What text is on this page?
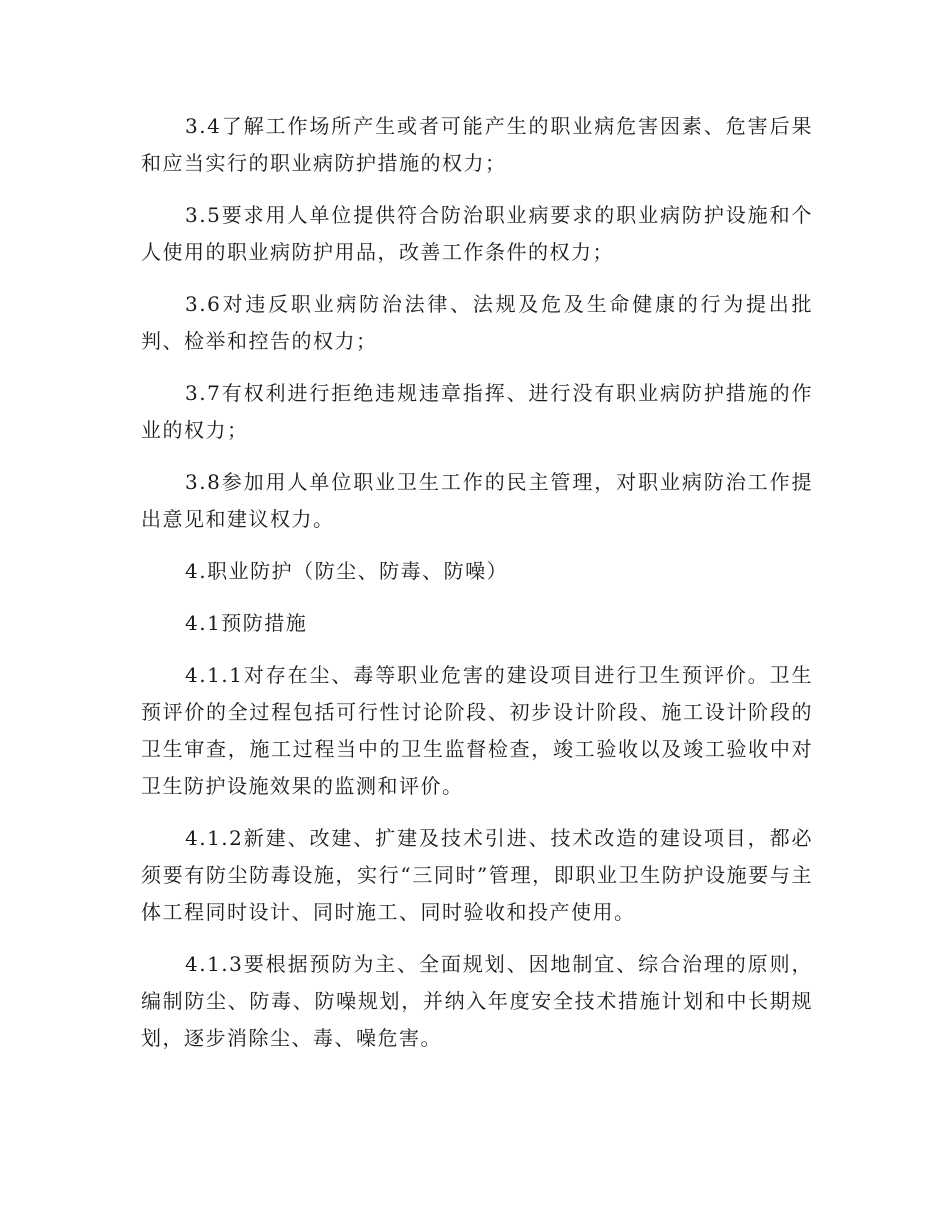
3.4了解工作场所产生或者可能产生的职业病危害因素、危害后果和应当实行的职业病防护措施的权力；

3.5要求用人单位提供符合防治职业病要求的职业病防护设施和个人使用的职业病防护用品，改善工作条件的权力；

3.6对违反职业病防治法律、法规及危及生命健康的行为提出批判、检举和控告的权力；

3.7有权利进行拒绝违规违章指挥、进行没有职业病防护措施的作业的权力；

3.8参加用人单位职业卫生工作的民主管理，对职业病防治工作提出意见和建议权力。

4.职业防护（防尘、防毒、防噪）

4.1预防措施

4.1.1对存在尘、毒等职业危害的建设项目进行卫生预评价。卫生预评价的全过程包括可行性讨论阶段、初步设计阶段、施工设计阶段的卫生审查，施工过程当中的卫生监督检查，竣工验收以及竣工验收中对卫生防护设施效果的监测和评价。

4.1.2新建、改建、扩建及技术引进、技术改造的建设项目，都必须要有防尘防毒设施，实行“三同时”管理，即职业卫生防护设施要与主体工程同时设计、同时施工、同时验收和投产使用。

4.1.3要根据预防为主、全面规划、因地制宜、综合治理的原则，编制防尘、防毒、防噪规划，并纳入年度安全技术措施计划和中长期规划，逐步消除尘、毒、噪危害。
